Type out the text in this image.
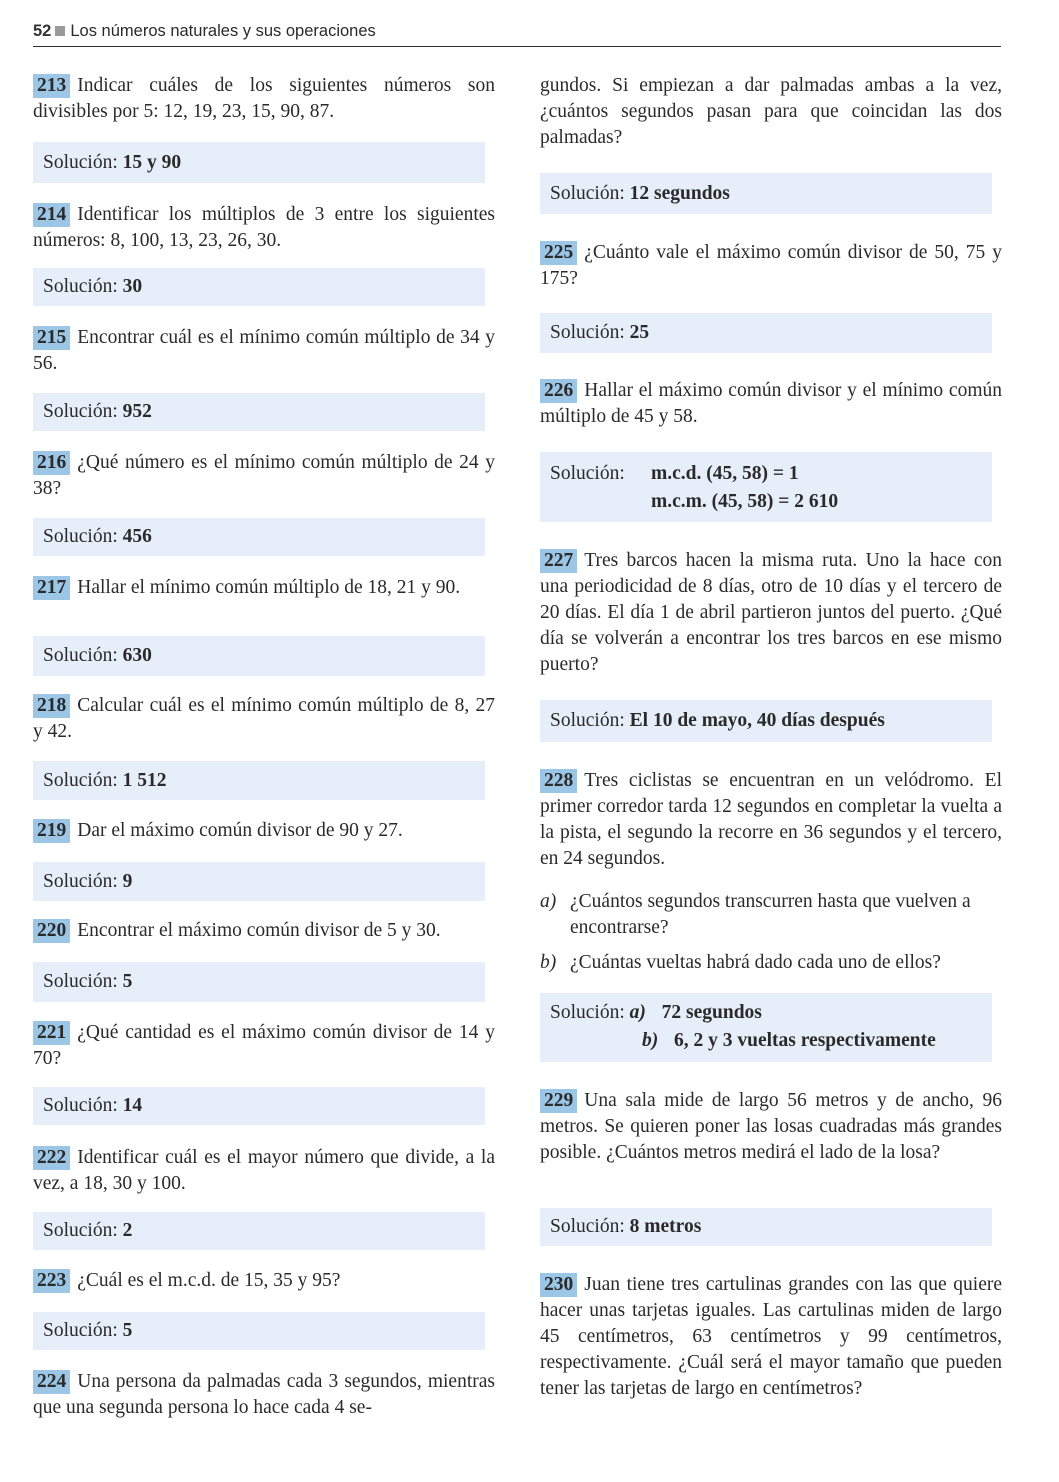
52 Los números naturales y sus operaciones
213 Indicar cuáles de los siguientes números son divisibles por 5: 12, 19, 23, 15, 90, 87.
Solución:
15 y 90
214 Identificar los múltiplos de 3 entre los siguientes números: 8, 100, 13, 23, 26, 30.
Solución:
30
215 Encontrar cuál es el mínimo común múltiplo de 34 y 56.
Solución:
952
216 ¿Qué número es el mínimo común múltiplo de 24 y 38?
Solución:
456
217 Hallar el mínimo común múltiplo de 18, 21 y 90.
Solución:
630
218 Calcular cuál es el mínimo común múltiplo de 8, 27 y 42.
Solución:
1 512
219 Dar el máximo común divisor de 90 y 27.
Solución:
9
220 Encontrar el máximo común divisor de 5 y 30.
Solución:
5
221 ¿Qué cantidad es el máximo común divisor de 14 y 70?
Solución:
14
222 Identificar cuál es el mayor número que divide, a la vez, a 18, 30 y 100.
Solución:
2
223 ¿Cuál es el m.c.d. de 15, 35 y 95?
Solución:
5
224 Una persona da palmadas cada 3 segundos, mientras que una segunda persona lo hace cada 4 se-
gundos. Si empiezan a dar palmadas ambas a la vez, ¿cuántos segundos pasan para que coincidan las dos palmadas?
Solución:
12 segundos
225 ¿Cuánto vale el máximo común divisor de 50, 75 y 175?
Solución:
25
226 Hallar el máximo común divisor y el mínimo común múltiplo de 45 y 58.
Solución:	m.c.d. (45, 58) = 1
m.c.m. (45, 58) = 2 610
227 Tres barcos hacen la misma ruta. Uno la hace con una periodicidad de 8 días, otro de 10 días y el tercero de 20 días. El día 1 de abril partieron juntos del puerto. ¿Qué día se volverán a encontrar los tres barcos en ese mismo puerto?
Solución:
El 10 de mayo, 40 días después
228 Tres ciclistas se encuentran en un velódromo. El primer corredor tarda 12 segundos en completar la vuelta a la pista, el segundo la recorre en 36 segundos y el tercero, en 24 segundos.
a) ¿Cuántos segundos transcurren hasta que vuelven a encontrarse?
b) ¿Cuántas vueltas habrá dado cada uno de ellos?
Solución:
a) 72 segundos
b) 6, 2 y 3 vueltas respectivamente
229 Una sala mide de largo 56 metros y de ancho, 96 metros. Se quieren poner las losas cuadradas más grandes posible. ¿Cuántos metros medirá el lado de la losa?
Solución:
8 metros
230 Juan tiene tres cartulinas grandes con las que quiere hacer unas tarjetas iguales. Las cartulinas miden de largo 45 centímetros, 63 centímetros y 99 centímetros, respectivamente. ¿Cuál será el mayor tamaño que pueden tener las tarjetas de largo en centímetros?
